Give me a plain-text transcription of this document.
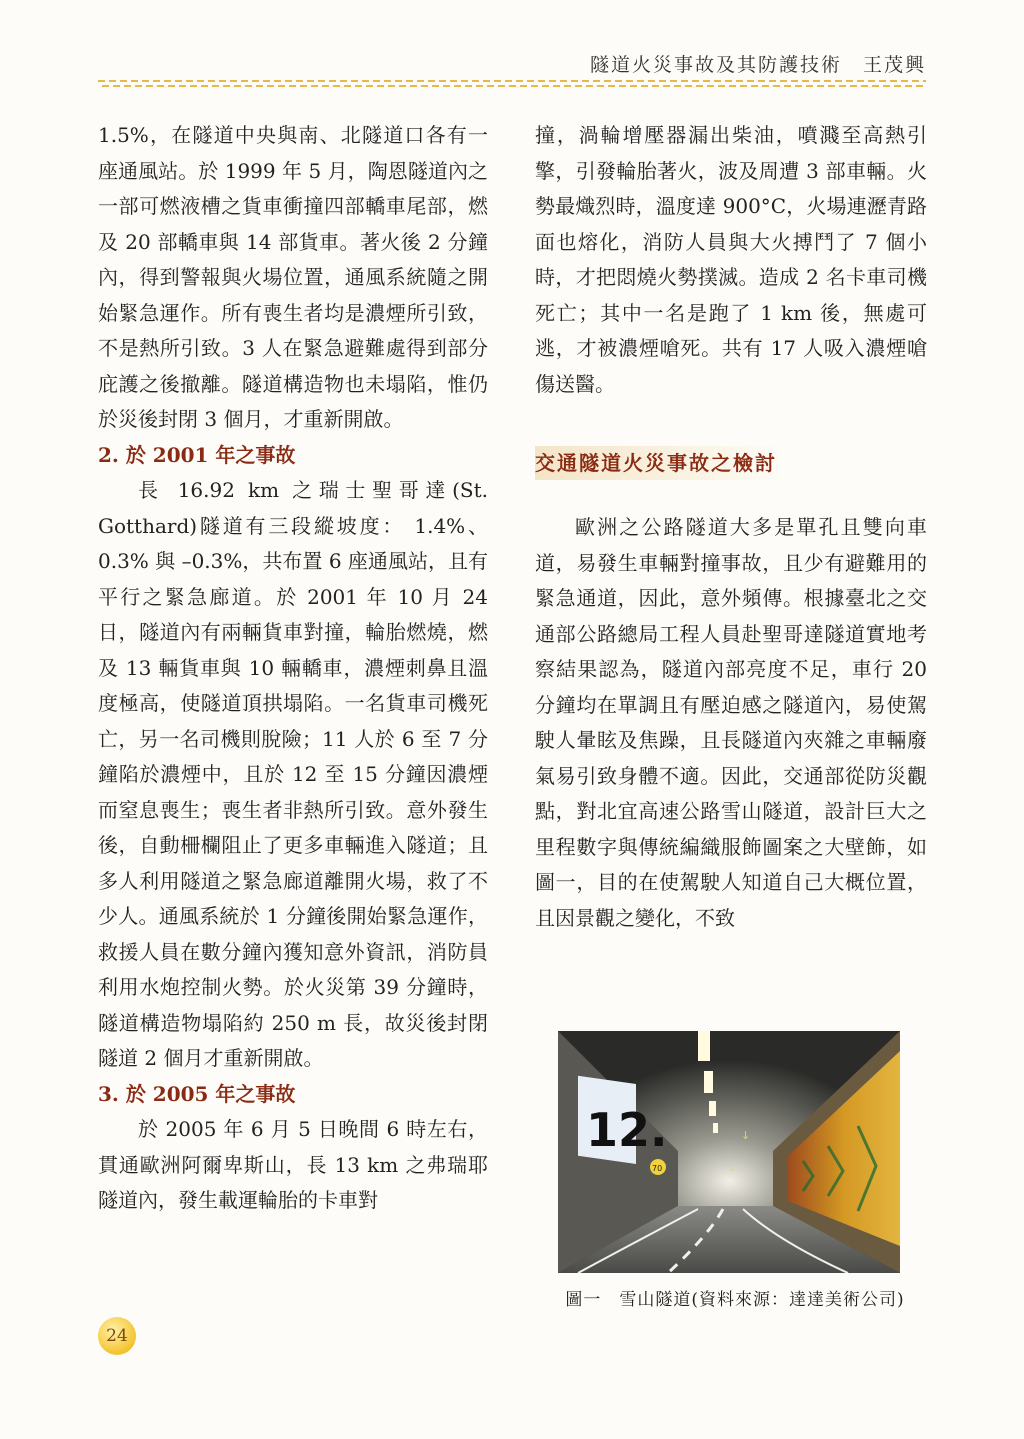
隧道火災事故及其防護技術　王茂興

1.5%，在隧道中央與南、北隧道口各有一座通風站。於 1999 年 5 月，陶恩隧道內之一部可燃液槽之貨車衝撞四部轎車尾部，燃及 20 部轎車與 14 部貨車。著火後 2 分鐘內，得到警報與火場位置，通風系統隨之開始緊急運作。所有喪生者均是濃煙所引致，不是熱所引致。3 人在緊急避難處得到部分庇護之後撤離。隧道構造物也未塌陷，惟仍於災後封閉 3 個月，才重新開啟。

2. 於 2001 年之事故

長 16.92 km 之瑞士聖哥達(St. Gotthard)隧道有三段縱坡度： 1.4%、0.3% 與 –0.3%，共布置 6 座通風站，且有平行之緊急廊道。於 2001 年 10 月 24 日，隧道內有兩輛貨車對撞，輪胎燃燒，燃及 13 輛貨車與 10 輛轎車，濃煙刺鼻且溫度極高，使隧道頂拱塌陷。一名貨車司機死亡，另一名司機則脫險；11 人於 6 至 7 分鐘陷於濃煙中，且於 12 至 15 分鐘因濃煙而窒息喪生；喪生者非熱所引致。意外發生後，自動柵欄阻止了更多車輛進入隧道；且多人利用隧道之緊急廊道離開火場，救了不少人。通風系統於 1 分鐘後開始緊急運作，救援人員在數分鐘內獲知意外資訊，消防員利用水炮控制火勢。於火災第 39 分鐘時，隧道構造物塌陷約 250 m 長，故災後封閉隧道 2 個月才重新開啟。

3. 於 2005 年之事故

於 2005 年 6 月 5 日晚間 6 時左右，貫通歐洲阿爾卑斯山，長 13 km 之弗瑞耶隧道內，發生載運輪胎的卡車對

撞，渦輪增壓器漏出柴油，噴濺至高熱引擎，引發輪胎著火，波及周遭 3 部車輛。火勢最熾烈時，溫度達 900°C，火場連瀝青路面也熔化，消防人員與大火搏鬥了 7 個小時，才把悶燒火勢撲滅。造成 2 名卡車司機死亡；其中一名是跑了 1 km 後，無處可逃，才被濃煙嗆死。共有 17 人吸入濃煙嗆傷送醫。

交通隧道火災事故之檢討

歐洲之公路隧道大多是單孔且雙向車道，易發生車輛對撞事故，且少有避難用的緊急通道，因此，意外頻傳。根據臺北之交通部公路總局工程人員赴聖哥達隧道實地考察結果認為，隧道內部亮度不足，車行 20 分鐘均在單調且有壓迫感之隧道內，易使駕駛人暈眩及焦躁，且長隧道內夾雜之車輛廢氣易引致身體不適。因此，交通部從防災觀點，對北宜高速公路雪山隧道，設計巨大之里程數字與傳統編織服飾圖案之大壁飾，如圖一，目的在使駕駛人知道自己大概位置，且因景觀之變化，不致

12.
70
↓
↓
圖一　雪山隧道(資料來源：達達美術公司)
24
